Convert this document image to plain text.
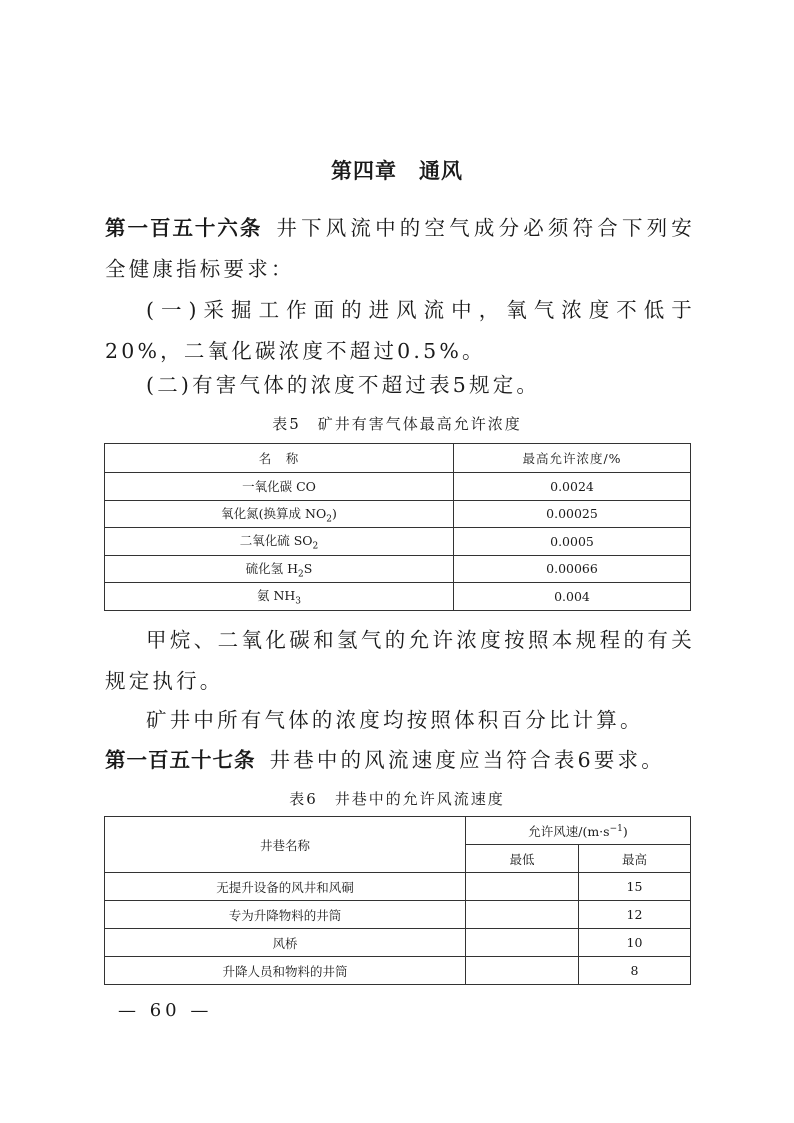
第四章　通风
第一百五十六条 井下风流中的空气成分必须符合下列安全健康指标要求：
(一)采掘工作面的进风流中，氧气浓度不低于20%，二氧化碳浓度不超过0.5%。
(二)有害气体的浓度不超过表5规定。
表5　矿井有害气体最高允许浓度
名　称	最高允许浓度/%
一氧化碳 CO	0.0024
氧化氮(换算成 $NO_2$)	0.00025
二氧化硫 $SO_2$	0.0005
硫化氢 $H_2S$	0.00066
氨 $NH_3$	0.004
甲烷、二氧化碳和氢气的允许浓度按照本规程的有关规定执行。
矿井中所有气体的浓度均按照体积百分比计算。
第一百五十七条 井巷中的风流速度应当符合表6要求。
表6　井巷中的允许风流速度
井巷名称	允许风速$/(m\cdot s^{-1})$	
	最低	最高
无提升设备的风井和风硐		15
专为升降物料的井筒		12
风桥		10
升降人员和物料的井筒		8
— 60 —
